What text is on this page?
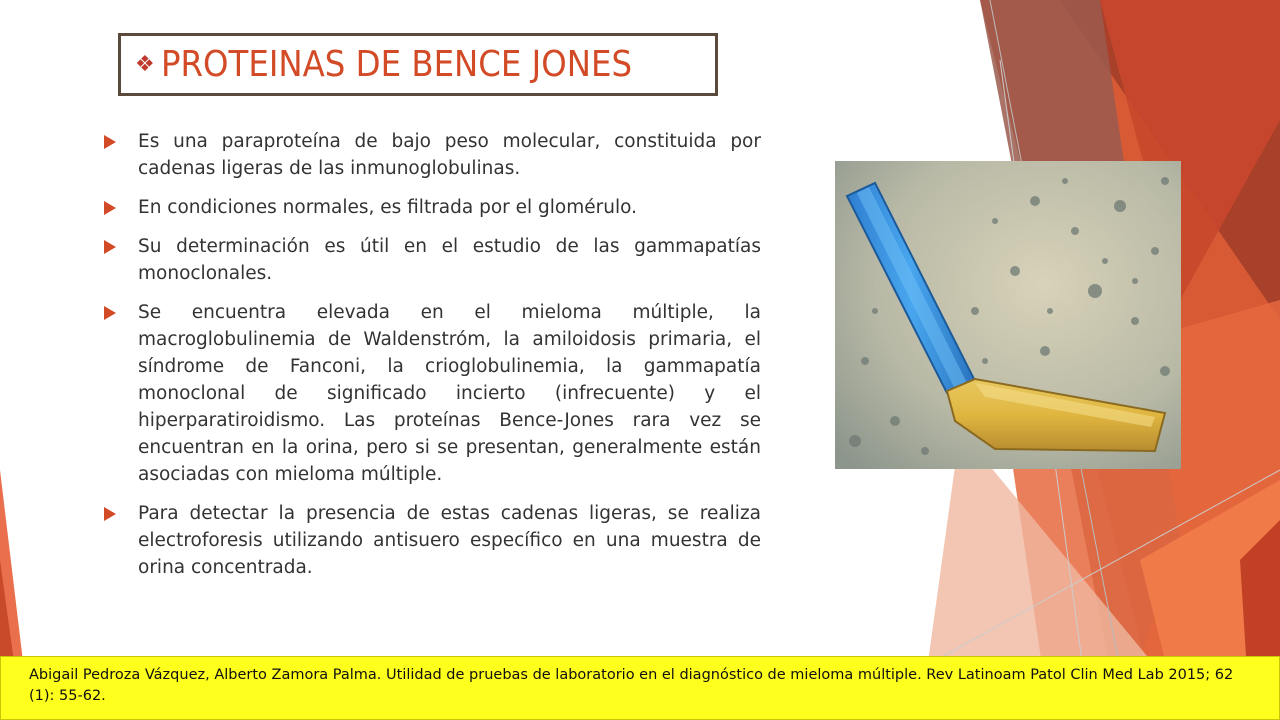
❖ PROTEINAS DE BENCE JONES
Es una paraproteína de bajo peso molecular, constituida por cadenas ligeras de las inmunoglobulinas.
En condiciones normales, es filtrada por el glomérulo.
Su determinación es útil en el estudio de las gammapatías monoclonales.
Se encuentra elevada en el mieloma múltiple, la macroglobulinemia de Waldenstróm, la amiloidosis primaria, el síndrome de Fanconi, la crioglobulinemia, la gammapatía monoclonal de significado incierto (infrecuente) y el hiperparatiroidismo. Las proteínas Bence-Jones rara vez se encuentran en la orina, pero si se presentan, generalmente están asociadas con mieloma múltiple.
Para detectar la presencia de estas cadenas ligeras, se realiza electroforesis utilizando antisuero específico en una muestra de orina concentrada.
Abigail Pedroza Vázquez, Alberto Zamora Palma. Utilidad de pruebas de laboratorio en el diagnóstico de mieloma múltiple. Rev Latinoam Patol Clin Med Lab 2015; 62 (1): 55-62.
